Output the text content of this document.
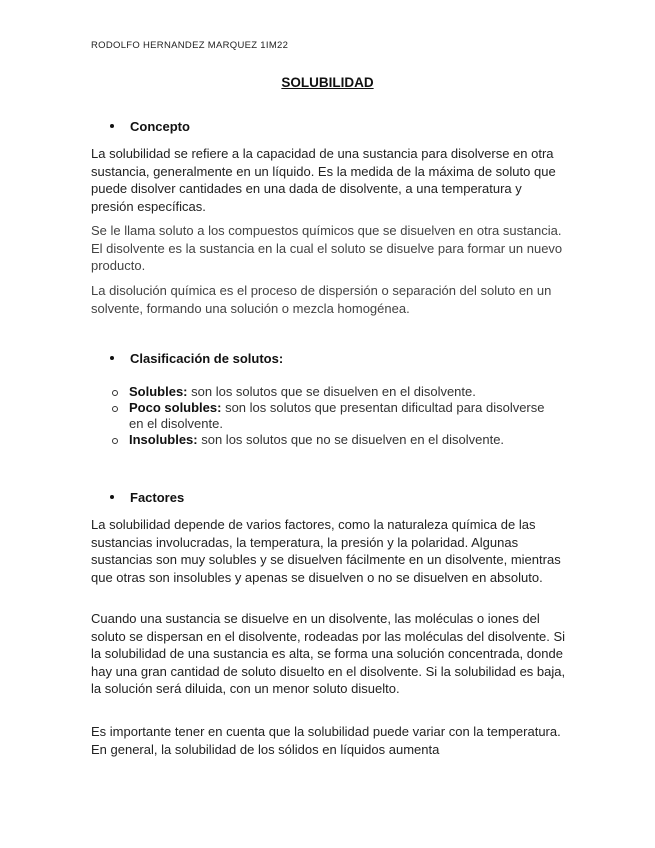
RODOLFO HERNANDEZ MARQUEZ 1IM22
SOLUBILIDAD
Concepto
La solubilidad se refiere a la capacidad de una sustancia para disolverse en otra sustancia, generalmente en un líquido. Es la medida de la máxima de soluto que puede disolver cantidades en una dada de disolvente, a una temperatura y presión específicas.
Se le llama soluto a los compuestos químicos que se disuelven en otra sustancia. El disolvente es la sustancia en la cual el soluto se disuelve para formar un nuevo producto.
La disolución química es el proceso de dispersión o separación del soluto en un solvente, formando una solución o mezcla homogénea.
Clasificación de solutos:
Solubles: son los solutos que se disuelven en el disolvente.
Poco solubles: son los solutos que presentan dificultad para disolverse en el disolvente.
Insolubles: son los solutos que no se disuelven en el disolvente.
Factores
La solubilidad depende de varios factores, como la naturaleza química de las sustancias involucradas, la temperatura, la presión y la polaridad. Algunas sustancias son muy solubles y se disuelven fácilmente en un disolvente, mientras que otras son insolubles y apenas se disuelven o no se disuelven en absoluto.
Cuando una sustancia se disuelve en un disolvente, las moléculas o iones del soluto se dispersan en el disolvente, rodeadas por las moléculas del disolvente. Si la solubilidad de una sustancia es alta, se forma una solución concentrada, donde hay una gran cantidad de soluto disuelto en el disolvente. Si la solubilidad es baja, la solución será diluida, con un menor soluto disuelto.
Es importante tener en cuenta que la solubilidad puede variar con la temperatura. En general, la solubilidad de los sólidos en líquidos aumenta
